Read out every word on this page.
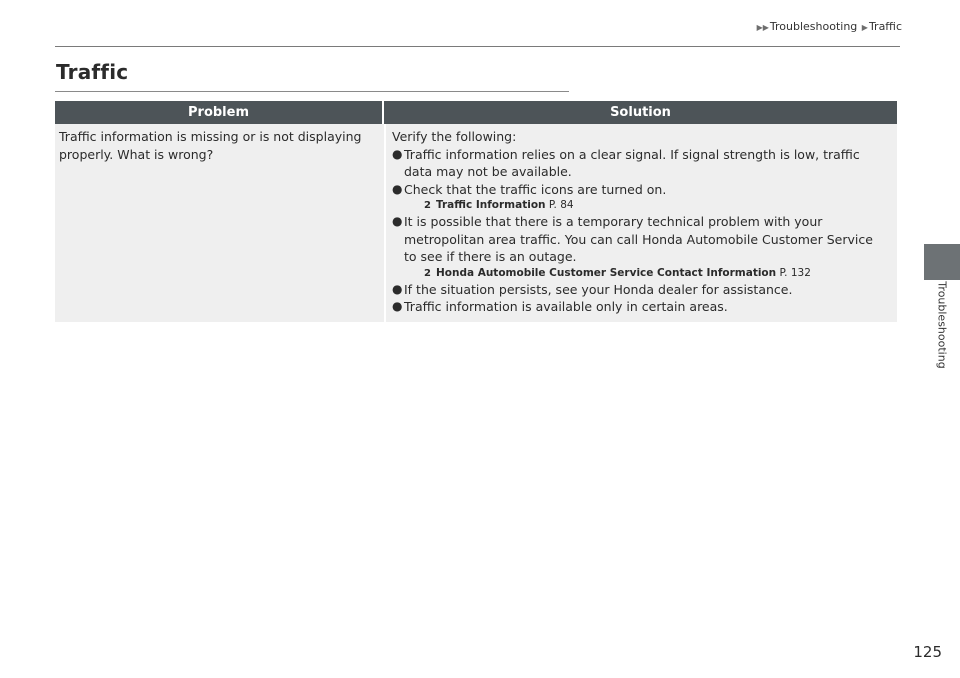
▶▶Troubleshooting ▶Traffic
Traffic
Problem	Solution
Traffic information is missing or is not displaying properly. What is wrong?
Verify the following:
● Traffic information relies on a clear signal. If signal strength is low, traffic data may not be available.
● Check that the traffic icons are turned on.
2 Traffic Information P. 84
● It is possible that there is a temporary technical problem with your metropolitan area traffic. You can call Honda Automobile Customer Service to see if there is an outage.
2 Honda Automobile Customer Service Contact Information P. 132
● If the situation persists, see your Honda dealer for assistance.
● Traffic information is available only in certain areas.	Troubleshooting
125
